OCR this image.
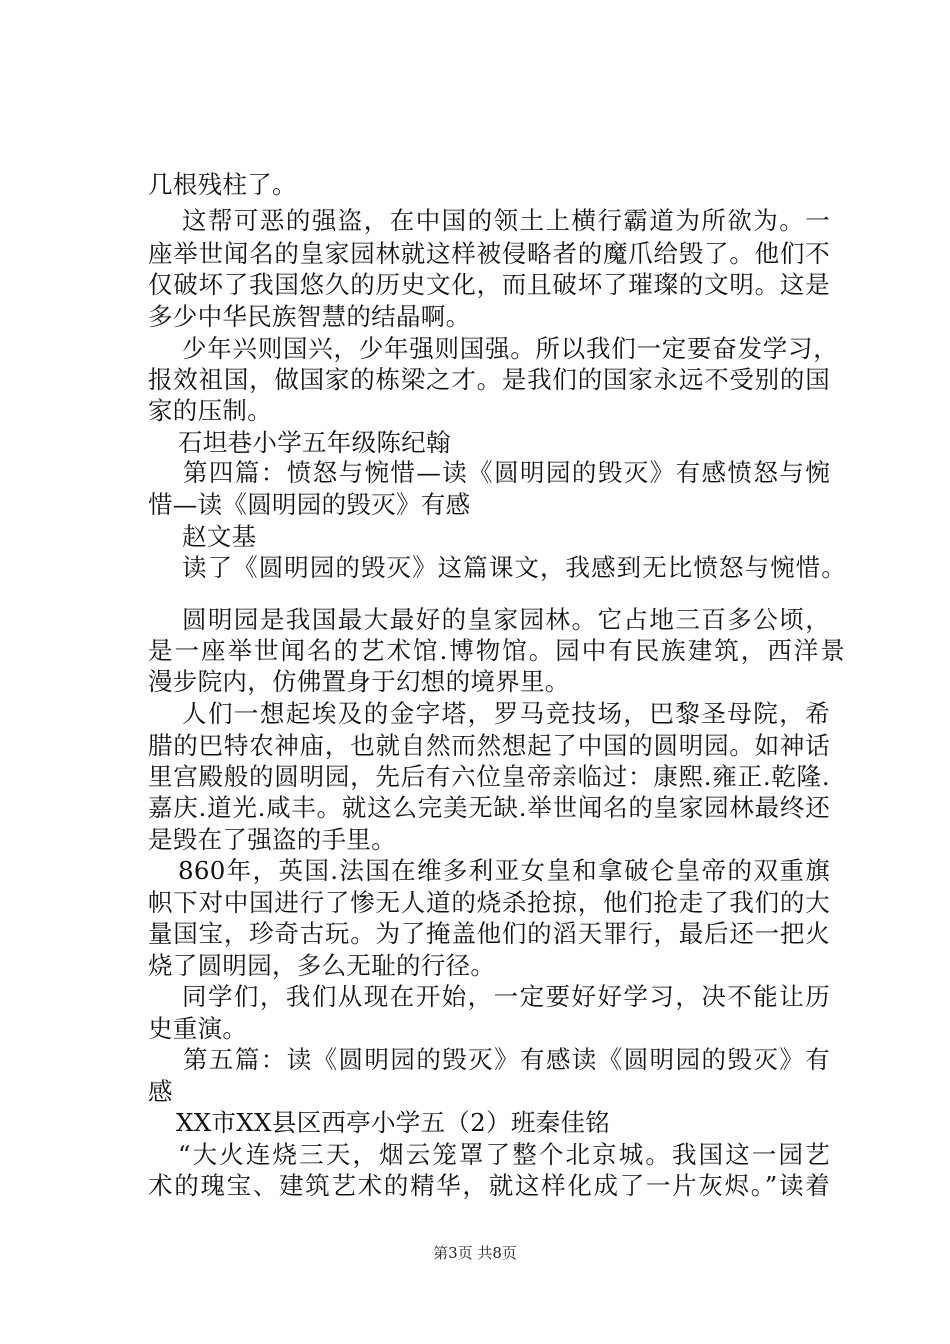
几根残柱了。
这帮可恶的强盗，在中国的领土上横行霸道为所欲为。一
座举世闻名的皇家园林就这样被侵略者的魔爪给毁了。他们不
仅破坏了我国悠久的历史文化，而且破坏了璀璨的文明。这是
多少中华民族智慧的结晶啊。
少年兴则国兴，少年强则国强。所以我们一定要奋发学习，
报效祖国，做国家的栋梁之才。是我们的国家永远不受别的国
家的压制。
石坦巷小学五年级陈纪翰
第四篇：愤怒与惋惜—读《圆明园的毁灭》有感愤怒与惋
惜—读《圆明园的毁灭》有感
赵文基
读了《圆明园的毁灭》这篇课文，我感到无比愤怒与惋惜。
圆明园是我国最大最好的皇家园林。它占地三百多公顷，
是一座举世闻名的艺术馆.博物馆。园中有民族建筑，西洋景
漫步院内，仿佛置身于幻想的境界里。
人们一想起埃及的金字塔，罗马竞技场，巴黎圣母院，希
腊的巴特农神庙，也就自然而然想起了中国的圆明园。如神话
里宫殿般的圆明园，先后有六位皇帝亲临过：康熙.雍正.乾隆.
嘉庆.道光.咸丰。就这么完美无缺.举世闻名的皇家园林最终还
是毁在了强盗的手里。
860年，英国.法国在维多利亚女皇和拿破仑皇帝的双重旗
帜下对中国进行了惨无人道的烧杀抢掠，他们抢走了我们的大
量国宝，珍奇古玩。为了掩盖他们的滔天罪行，最后还一把火
烧了圆明园，多么无耻的行径。
同学们，我们从现在开始，一定要好好学习，决不能让历
史重演。
第五篇：读《圆明园的毁灭》有感读《圆明园的毁灭》有
感
XX市XX县区西亭小学五（2）班秦佳铭
“大火连烧三天，烟云笼罩了整个北京城。我国这一园艺
术的瑰宝、建筑艺术的精华，就这样化成了一片灰烬。”读着
第3页 共8页
